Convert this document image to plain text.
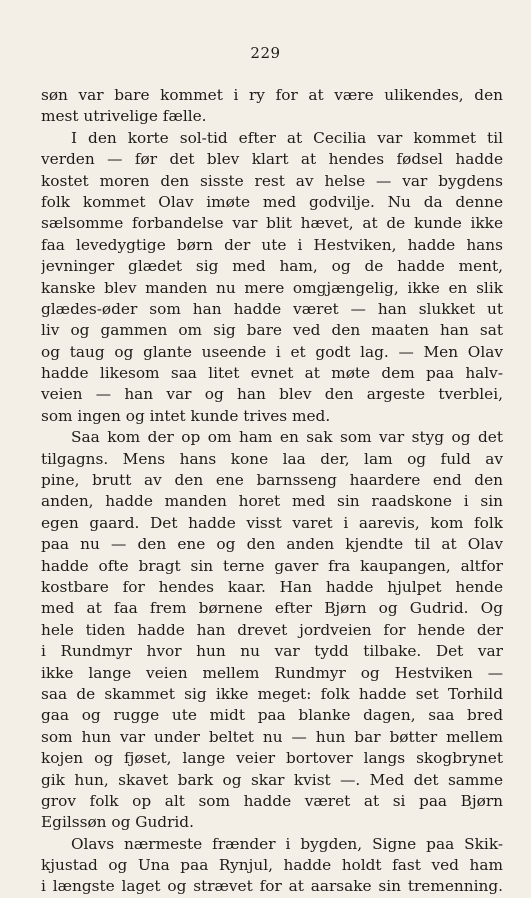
229
søn var bare kommet i ry for at være ulikendes, den
mest utrivelige fælle.
I den korte sol-tid efter at Cecilia var kommet til
verden — før det blev klart at hendes fødsel hadde
kostet moren den sisste rest av helse — var bygdens
folk kommet Olav imøte med godvilje. Nu da denne
sælsomme forbandelse var blit hævet, at de kunde ikke
faa levedygtige børn der ute i Hestviken, hadde hans
jevninger glædet sig med ham, og de hadde ment,
kanske blev manden nu mere omgjængelig, ikke en slik
glædes-øder som han hadde været — han slukket ut
liv og gammen om sig bare ved den maaten han sat
og taug og glante useende i et godt lag. — Men Olav
hadde likesom saa litet evnet at møte dem paa halv-
veien — han var og han blev den argeste tverblei,
som ingen og intet kunde trives med.
Saa kom der op om ham en sak som var styg og det
tilgagns. Mens hans kone laa der, lam og fuld av
pine, brutt av den ene barnsseng haardere end den
anden, hadde manden horet med sin raadskone i sin
egen gaard. Det hadde visst varet i aarevis, kom folk
paa nu — den ene og den anden kjendte til at Olav
hadde ofte bragt sin terne gaver fra kaupangen, altfor
kostbare for hendes kaar. Han hadde hjulpet hende
med at faa frem børnene efter Bjørn og Gudrid. Og
hele tiden hadde han drevet jordveien for hende der
i Rundmyr hvor hun nu var tydd tilbake. Det var
ikke lange veien mellem Rundmyr og Hestviken —
saa de skammet sig ikke meget: folk hadde set Torhild
gaa og rugge ute midt paa blanke dagen, saa bred
som hun var under beltet nu — hun bar bøtter mellem
kojen og fjøset, lange veier bortover langs skogbrynet
gik hun, skavet bark og skar kvist —. Med det samme
grov folk op alt som hadde været at si paa Bjørn
Egilssøn og Gudrid.
Olavs nærmeste frænder i bygden, Signe paa Skik-
kjustad og Una paa Rynjul, hadde holdt fast ved ham
i længste laget og strævet for at aarsake sin tremenning.
